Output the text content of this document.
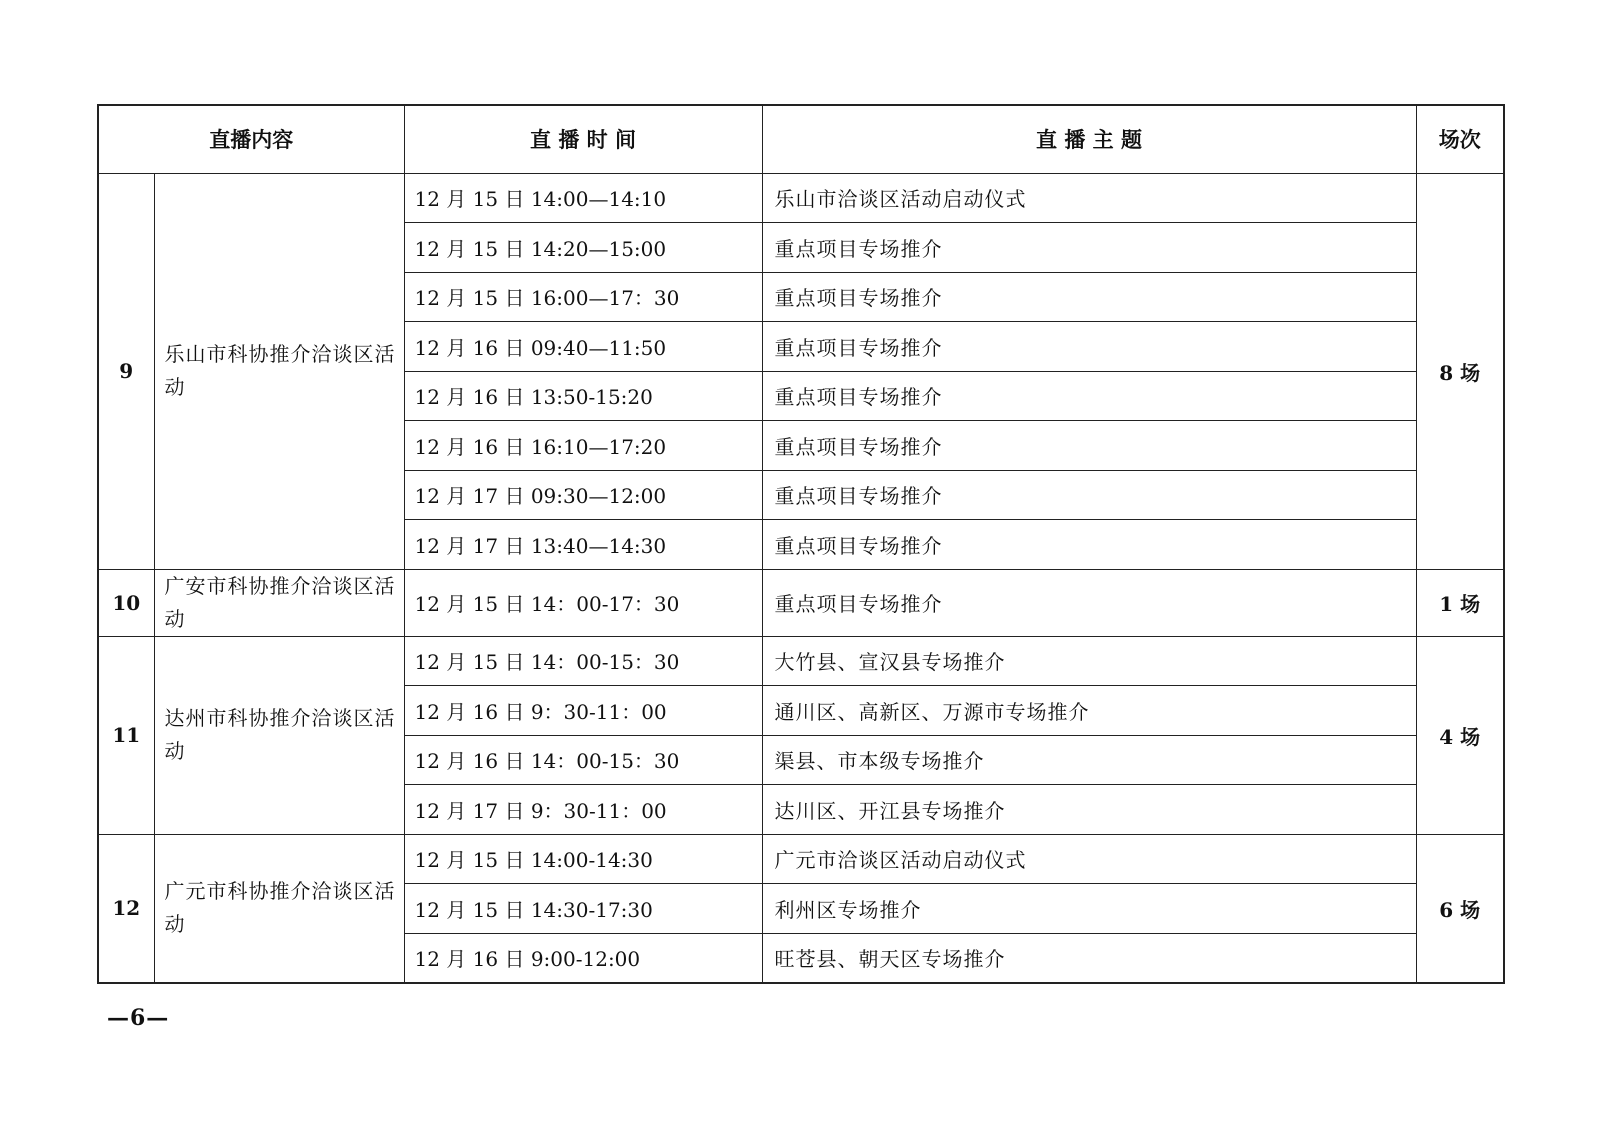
直播内容		直 播 时 间	直 播 主 题	场次
9	乐山市科协推介洽谈区活动	12 月 15 日 14:00—14:10	乐山市洽谈区活动启动仪式	8 场
		12 月 15 日 14:20—15:00	重点项目专场推介	
		12 月 15 日 16:00—17：30	重点项目专场推介	
		12 月 16 日 09:40—11:50	重点项目专场推介	
		12 月 16 日 13:50-15:20	重点项目专场推介	
		12 月 16 日 16:10—17:20	重点项目专场推介	
		12 月 17 日 09:30—12:00	重点项目专场推介	
		12 月 17 日 13:40—14:30	重点项目专场推介	
10	广安市科协推介洽谈区活动	12 月 15 日 14：00-17：30	重点项目专场推介	1 场
11	达州市科协推介洽谈区活动	12 月 15 日 14：00-15：30	大竹县、宣汉县专场推介	4 场
		12 月 16 日 9：30-11：00	通川区、高新区、万源市专场推介	
		12 月 16 日 14：00-15：30	渠县、市本级专场推介	
		12 月 17 日 9：30-11：00	达川区、开江县专场推介	
12	广元市科协推介洽谈区活动	12 月 15 日 14:00-14:30	广元市洽谈区活动启动仪式	6 场
		12 月 15 日 14:30-17:30	利州区专场推介	
		12 月 16 日 9:00-12:00	旺苍县、朝天区专场推介	
—6—
